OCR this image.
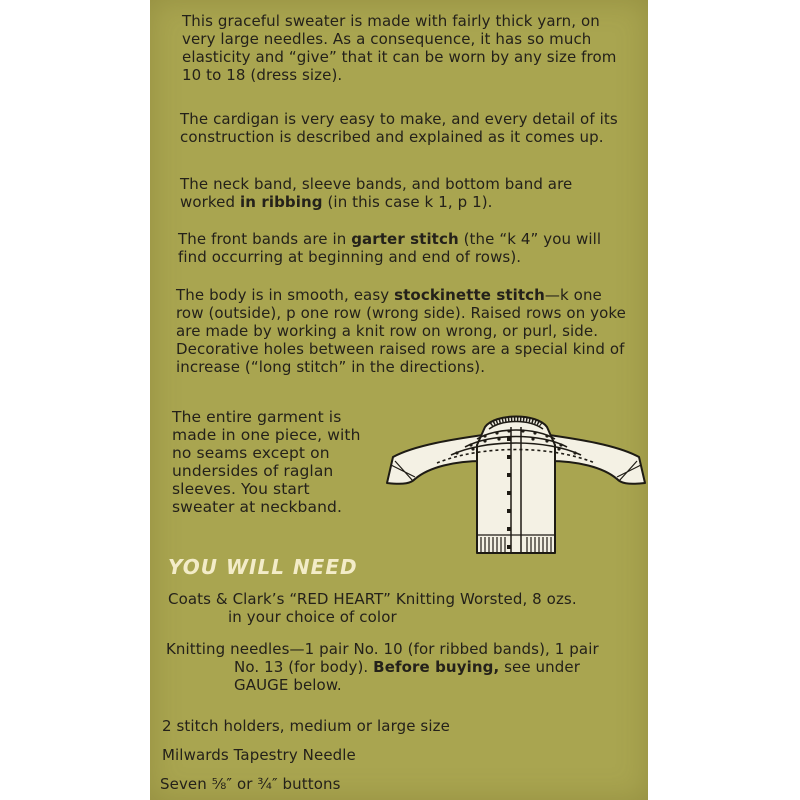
This graceful sweater is made with fairly thick yarn, on very large needles. As a consequence, it has so much elasticity and “give” that it can be worn by any size from 10 to 18 (dress size).
The cardigan is very easy to make, and every detail of its construction is described and explained as it comes up.
The neck band, sleeve bands, and bottom band are worked in ribbing (in this case k 1, p 1).
The front bands are in garter stitch (the “k 4” you will find occurring at beginning and end of rows).
The body is in smooth, easy stockinette stitch—k one row (outside), p one row (wrong side). Raised rows on yoke are made by working a knit row on wrong, or purl, side. Decorative holes between raised rows are a special kind of increase (“long stitch” in the directions).
The entire garment is made in one piece, with no seams except on undersides of raglan sleeves. You start sweater at neckband.
YOU WILL NEED
Coats & Clark’s “RED HEART” Knitting Worsted, 8 ozs.
in your choice of color
Knitting needles—1 pair No. 10 (for ribbed bands), 1 pair
No. 13 (for body). Before buying, see under GAUGE below.
2 stitch holders, medium or large size
Milwards Tapestry Needle
Seven ⅝″ or ¾″ buttons
